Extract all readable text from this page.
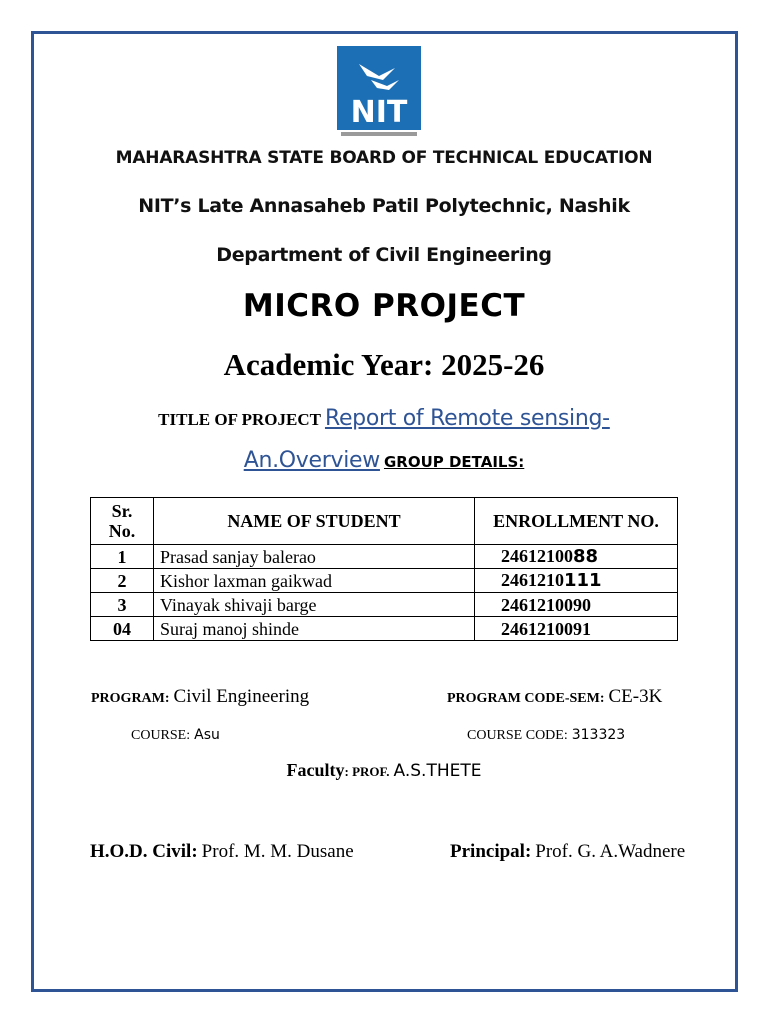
NIT
MAHARASHTRA STATE BOARD OF TECHNICAL EDUCATION
NIT’s Late Annasaheb Patil Polytechnic, Nashik
Department of Civil Engineering
MICRO PROJECT
Academic Year: 2025-26
TITLE OF PROJECT Report of Remote sensing-
An.Overview GROUP DETAILS:
Sr. No.	NAME OF STUDENT	ENROLLMENT NO.
1	Prasad sanjay balerao	2461210088
2	Kishor laxman gaikwad	2461210111
3	Vinayak shivaji barge	2461210090
04	Suraj manoj shinde	2461210091
PROGRAM: Civil Engineering	PROGRAM CODE-SEM: CE-3K
COURSE: Asu	COURSE CODE: 313323
Faculty: PROF. A.S.THETE
H.O.D. Civil: Prof. M. M. Dusane	Principal: Prof. G. A.Wadnere
